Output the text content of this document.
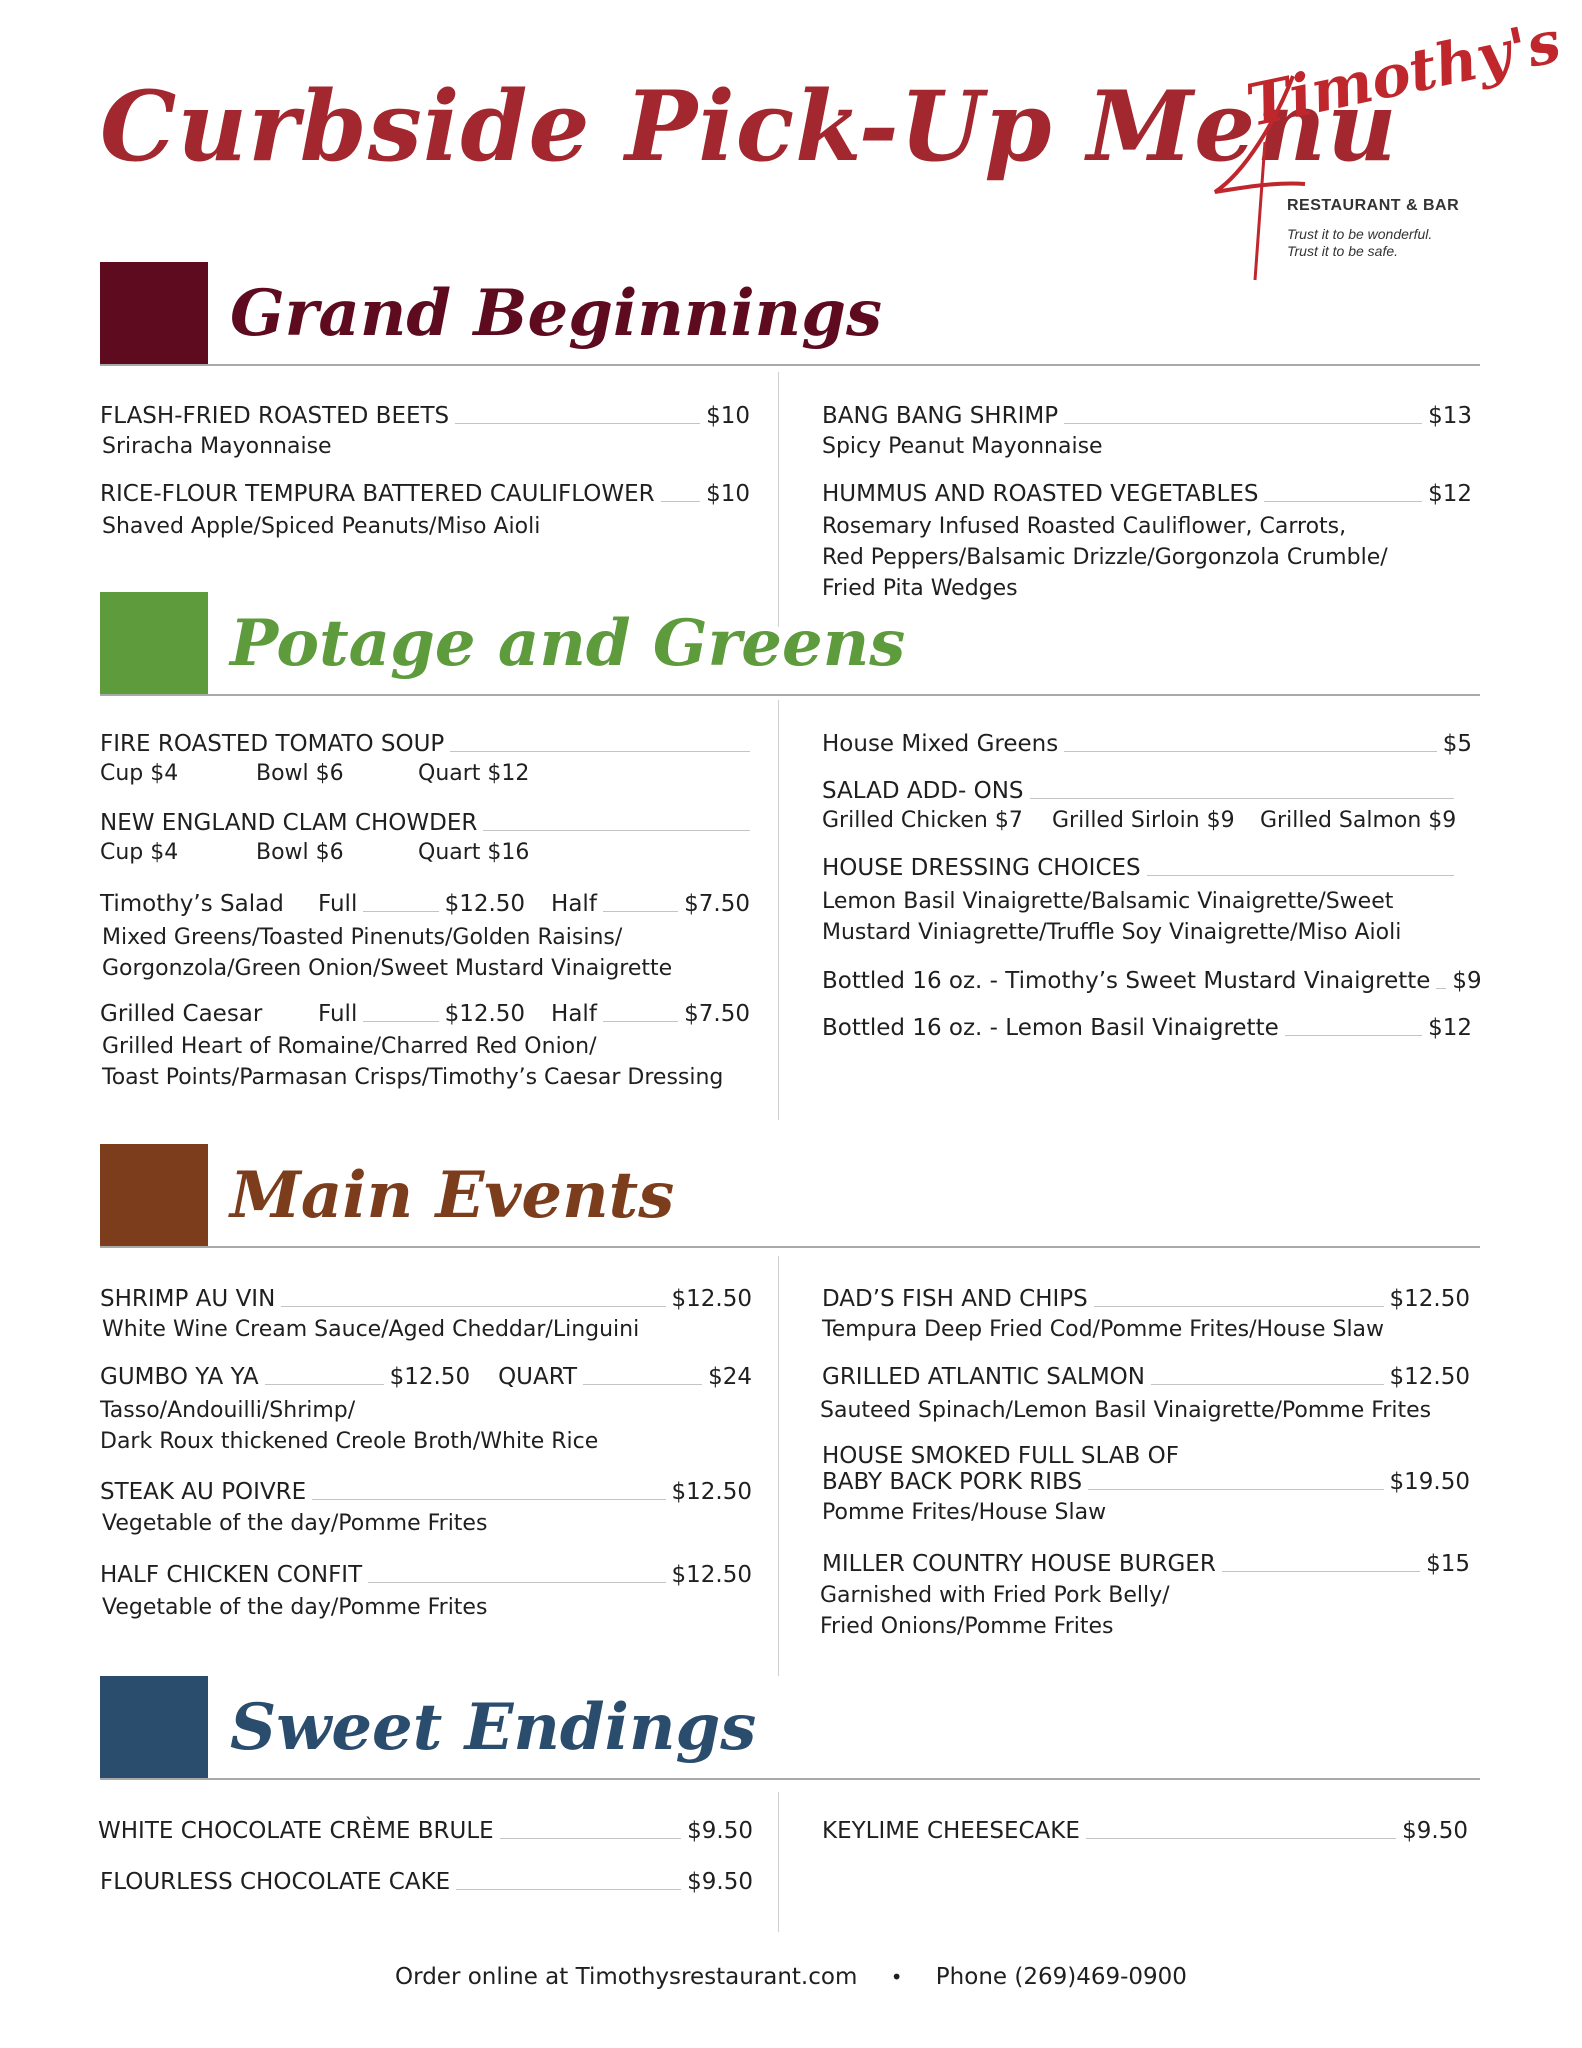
Curbside Pick-Up Menu
Timothy's
RESTAURANT & BAR
Trust it to be wonderful.
Trust it to be safe.
Grand Beginnings
FLASH-FRIED ROASTED BEETS	$10
Sriracha Mayonnaise
RICE-FLOUR TEMPURA BATTERED CAULIFLOWER $10
Shaved Apple/Spiced Peanuts/Miso Aioli
BANG BANG SHRIMP	$13
Spicy Peanut Mayonnaise
HUMMUS AND ROASTED VEGETABLES	$12
Rosemary Infused Roasted Cauliflower, Carrots,
Red Peppers/Balsamic Drizzle/Gorgonzola Crumble/
Fried Pita Wedges
Potage and Greens
FIRE ROASTED TOMATO SOUP
Cup $4	Bowl $6	Quart $12
NEW ENGLAND CLAM CHOWDER
Cup $4	Bowl $6	Quart $16
Timothy’s Salad	Full	$12.50 Half	$7.50
Mixed Greens/Toasted Pinenuts/Golden Raisins/
Gorgonzola/Green Onion/Sweet Mustard Vinaigrette
Grilled Caesar	Full	$12.50 Half	$7.50
Grilled Heart of Romaine/Charred Red Onion/
Toast Points/Parmasan Crisps/Timothy’s Caesar Dressing
House Mixed Greens	$5
SALAD ADD- ONS
Grilled Chicken $7	Grilled Sirloin $9	Grilled Salmon $9
HOUSE DRESSING CHOICES
Lemon Basil Vinaigrette/Balsamic Vinaigrette/Sweet
Mustard Viniagrette/Truffle Soy Vinaigrette/Miso Aioli
Bottled 16 oz. - Timothy’s Sweet Mustard Vinaigrette $9
Bottled 16 oz. - Lemon Basil Vinaigrette	$12
Main Events
SHRIMP AU VIN	$12.50
White Wine Cream Sauce/Aged Cheddar/Linguini
GUMBO YA YA	$12.50 QUART	$24
Tasso/Andouilli/Shrimp/
Dark Roux thickened Creole Broth/White Rice
STEAK AU POIVRE	$12.50
Vegetable of the day/Pomme Frites
HALF CHICKEN CONFIT	$12.50
Vegetable of the day/Pomme Frites
DAD’S FISH AND CHIPS	$12.50
Tempura Deep Fried Cod/Pomme Frites/House Slaw
GRILLED ATLANTIC SALMON	$12.50
Sauteed Spinach/Lemon Basil Vinaigrette/Pomme Frites
HOUSE SMOKED FULL SLAB OF
BABY BACK PORK RIBS	$19.50
Pomme Frites/House Slaw
MILLER COUNTRY HOUSE BURGER	$15
Garnished with Fried Pork Belly/
Fried Onions/Pomme Frites
Sweet Endings
WHITE CHOCOLATE CRÈME BRULE	$9.50
FLOURLESS CHOCOLATE CAKE	$9.50
KEYLIME CHEESECAKE	$9.50
Order online at Timothysrestaurant.com • Phone (269)469-0900
